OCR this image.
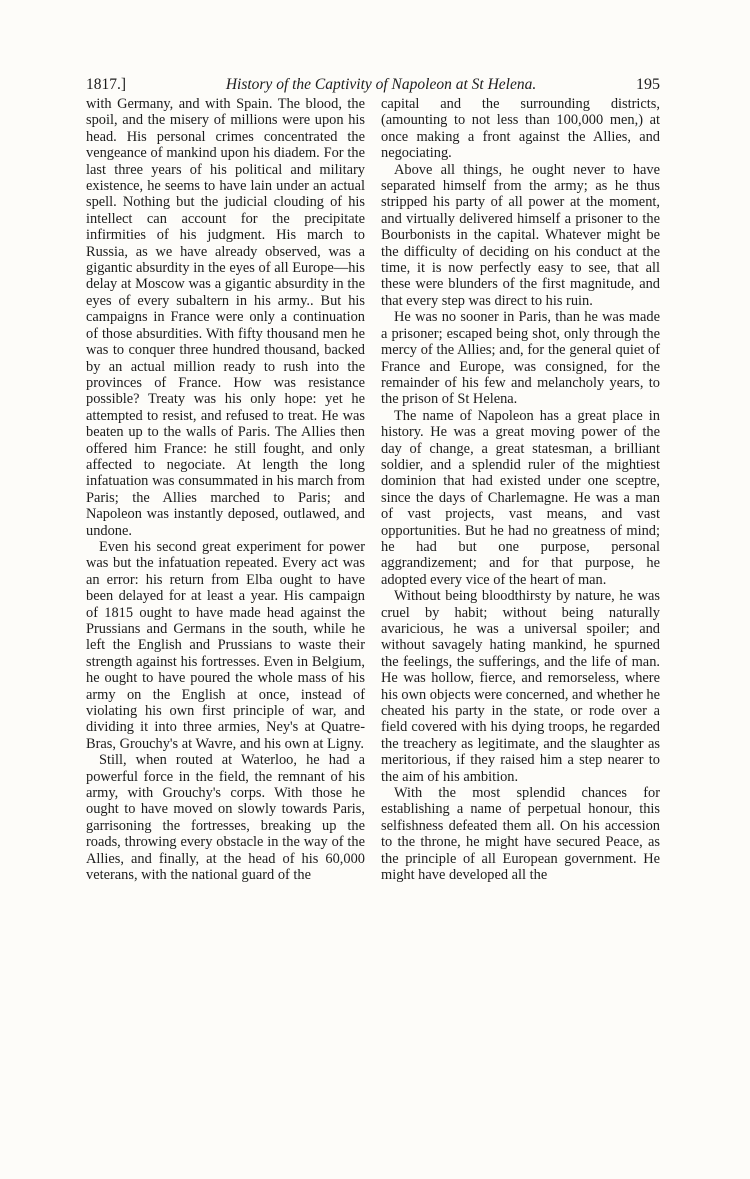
1817.]	History of the Captivity of Napoleon at St Helena.	195

with Germany, and with Spain. The blood, the spoil, and the misery of millions were upon his head. His personal crimes concentrated the vengeance of mankind upon his diadem. For the last three years of his political and military existence, he seems to have lain under an actual spell. Nothing but the judicial clouding of his intellect can account for the precipitate infirmities of his judgment. His march to Russia, as we have already observed, was a gigantic absurdity in the eyes of all Europe—his delay at Moscow was a gigantic absurdity in the eyes of every subaltern in his army.. But his campaigns in France were only a continuation of those absurdities. With fifty thousand men he was to conquer three hundred thousand, backed by an actual million ready to rush into the provinces of France. How was resistance possible? Treaty was his only hope: yet he attempted to resist, and refused to treat. He was beaten up to the walls of Paris. The Allies then offered him France: he still fought, and only affected to negociate. At length the long infatuation was consummated in his march from Paris; the Allies marched to Paris; and Napoleon was instantly deposed, outlawed, and undone.

Even his second great experiment for power was but the infatuation repeated. Every act was an error: his return from Elba ought to have been delayed for at least a year. His campaign of 1815 ought to have made head against the Prussians and Germans in the south, while he left the English and Prussians to waste their strength against his fortresses. Even in Belgium, he ought to have poured the whole mass of his army on the English at once, instead of violating his own first principle of war, and dividing it into three armies, Ney's at Quatre-Bras, Grouchy's at Wavre, and his own at Ligny.

Still, when routed at Waterloo, he had a powerful force in the field, the remnant of his army, with Grouchy's corps. With those he ought to have moved on slowly towards Paris, garrisoning the fortresses, breaking up the roads, throwing every obstacle in the way of the Allies, and finally, at the head of his 60,000 veterans, with the national guard of the

capital and the surrounding districts, (amounting to not less than 100,000 men,) at once making a front against the Allies, and negociating.

Above all things, he ought never to have separated himself from the army; as he thus stripped his party of all power at the moment, and virtually delivered himself a prisoner to the Bourbonists in the capital. Whatever might be the difficulty of deciding on his conduct at the time, it is now perfectly easy to see, that all these were blunders of the first magnitude, and that every step was direct to his ruin.

He was no sooner in Paris, than he was made a prisoner; escaped being shot, only through the mercy of the Allies; and, for the general quiet of France and Europe, was consigned, for the remainder of his few and melancholy years, to the prison of St Helena.

The name of Napoleon has a great place in history. He was a great moving power of the day of change, a great statesman, a brilliant soldier, and a splendid ruler of the mightiest dominion that had existed under one sceptre, since the days of Charlemagne. He was a man of vast projects, vast means, and vast opportunities. But he had no greatness of mind; he had but one purpose, personal aggrandizement; and for that purpose, he adopted every vice of the heart of man.

Without being bloodthirsty by nature, he was cruel by habit; without being naturally avaricious, he was a universal spoiler; and without savagely hating mankind, he spurned the feelings, the sufferings, and the life of man. He was hollow, fierce, and remorseless, where his own objects were concerned, and whether he cheated his party in the state, or rode over a field covered with his dying troops, he regarded the treachery as legitimate, and the slaughter as meritorious, if they raised him a step nearer to the aim of his ambition.

With the most splendid chances for establishing a name of perpetual honour, this selfishness defeated them all. On his accession to the throne, he might have secured Peace, as the principle of all European government. He might have developed all the
